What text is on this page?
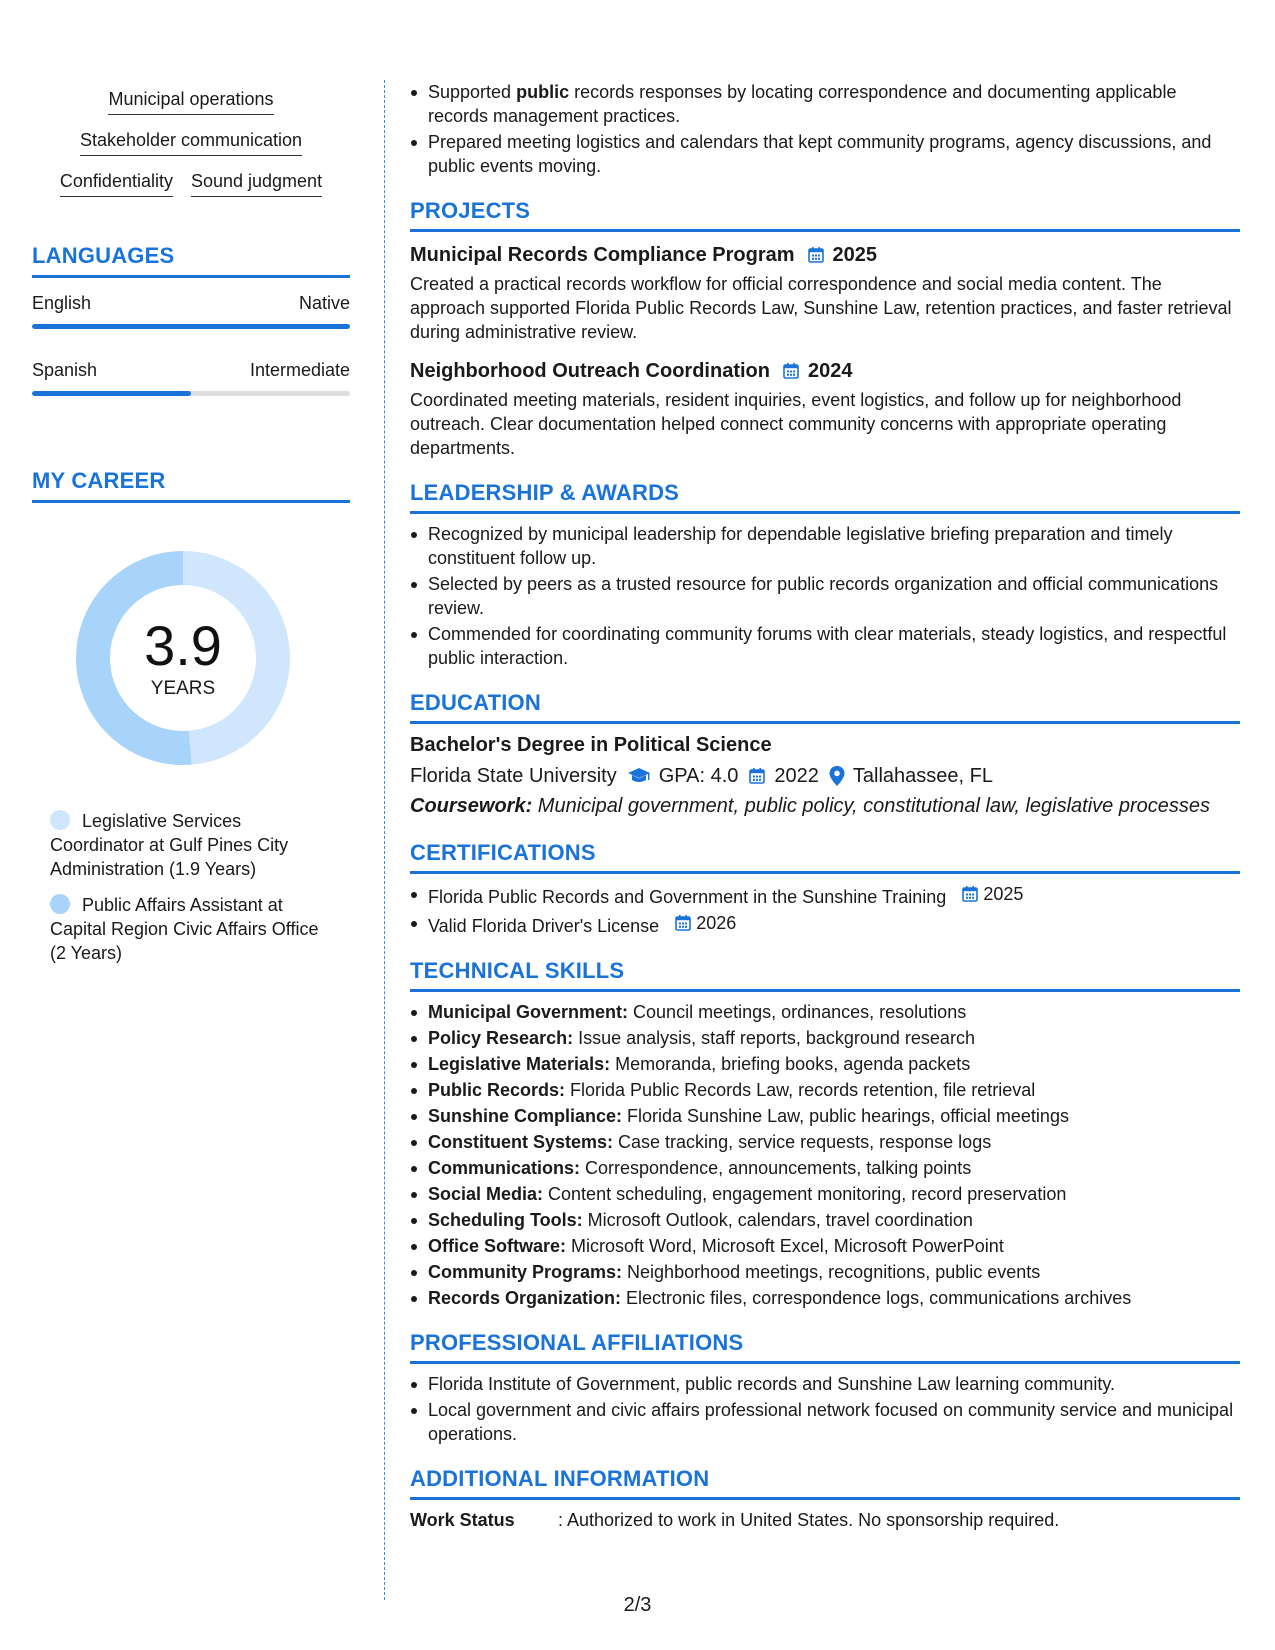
Municipal operations
Stakeholder communication
Confidentiality Sound judgment
LANGUAGES
English	Native
Spanish	Intermediate
MY CAREER
3.9
YEARS
Legislative Services Coordinator at Gulf Pines City Administration (1.9 Years)
Public Affairs Assistant at Capital Region Civic Affairs Office (2 Years)
Supported public records responses by locating correspondence and documenting applicable records management practices.
Prepared meeting logistics and calendars that kept community programs, agency discussions, and public events moving.
PROJECTS
Municipal Records Compliance Program 2025
Created a practical records workflow for official correspondence and social media content. The approach supported Florida Public Records Law, Sunshine Law, retention practices, and faster retrieval during administrative review.
Neighborhood Outreach Coordination 2024
Coordinated meeting materials, resident inquiries, event logistics, and follow up for neighborhood outreach. Clear documentation helped connect community concerns with appropriate operating departments.
LEADERSHIP & AWARDS
Recognized by municipal leadership for dependable legislative briefing preparation and timely constituent follow up.
Selected by peers as a trusted resource for public records organization and official communications review.
Commended for coordinating community forums with clear materials, steady logistics, and respectful public interaction.
EDUCATION
Bachelor's Degree in Political Science
Florida State University GPA: 4.0 2022 Tallahassee, FL
Coursework: Municipal government, public policy, constitutional law, legislative processes
CERTIFICATIONS
Florida Public Records and Government in the Sunshine Training 2025
Valid Florida Driver's License 2026
TECHNICAL SKILLS
Municipal Government: Council meetings, ordinances, resolutions
Policy Research: Issue analysis, staff reports, background research
Legislative Materials: Memoranda, briefing books, agenda packets
Public Records: Florida Public Records Law, records retention, file retrieval
Sunshine Compliance: Florida Sunshine Law, public hearings, official meetings
Constituent Systems: Case tracking, service requests, response logs
Communications: Correspondence, announcements, talking points
Social Media: Content scheduling, engagement monitoring, record preservation
Scheduling Tools: Microsoft Outlook, calendars, travel coordination
Office Software: Microsoft Word, Microsoft Excel, Microsoft PowerPoint
Community Programs: Neighborhood meetings, recognitions, public events
Records Organization: Electronic files, correspondence logs, communications archives
PROFESSIONAL AFFILIATIONS
Florida Institute of Government, public records and Sunshine Law learning community.
Local government and civic affairs professional network focused on community service and municipal operations.
ADDITIONAL INFORMATION
Work Status	: Authorized to work in United States. No sponsorship required.
2/3
